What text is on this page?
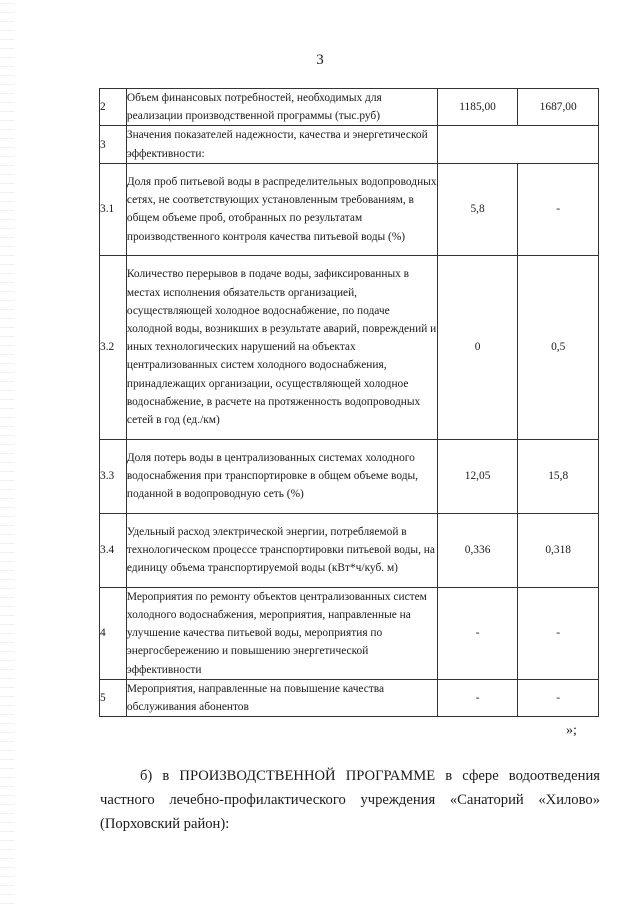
3
2	Объем финансовых потребностей, необходимых для реализации производственной программы (тыс.руб)	1185,00	1687,00
3	Значения показателей надежности, качества и энергетической эффективности:		
3.1	Доля проб питьевой воды в распределительных водопроводных сетях, не соответствующих установленным требованиям, в общем объеме проб, отобранных по результатам производственного контроля качества питьевой воды (%)	5,8	-
3.2	Количество перерывов в подаче воды, зафиксированных в местах исполнения обязательств организацией, осуществляющей холодное водоснабжение, по подаче холодной воды, возникших в результате аварий, повреждений и иных технологических нарушений на объектах централизованных систем холодного водоснабжения, принадлежащих организации, осуществляющей холодное водоснабжение, в расчете на протяженность водопроводных сетей в год (ед./км)	0	0,5
3.3	Доля потерь воды в централизованных системах холодного водоснабжения при транспортировке в общем объеме воды, поданной в водопроводную сеть (%)	12,05	15,8
3.4	Удельный расход электрической энергии, потребляемой в технологическом процессе транспортировки питьевой воды, на единицу объема транспортируемой воды (кВт*ч/куб. м)	0,336	0,318
4	Мероприятия по ремонту объектов централизованных систем холодного водоснабжения, мероприятия, направленные на улучшение качества питьевой воды, мероприятия по энергосбережению и повышению энергетической эффективности	-	-
5	Мероприятия, направленные на повышение качества обслуживания абонентов	-	-
»;
б) в ПРОИЗВОДСТВЕННОЙ ПРОГРАММЕ в сфере водоотведения частного лечебно-профилактического учреждения «Санаторий «Хилово» (Порховский район):
